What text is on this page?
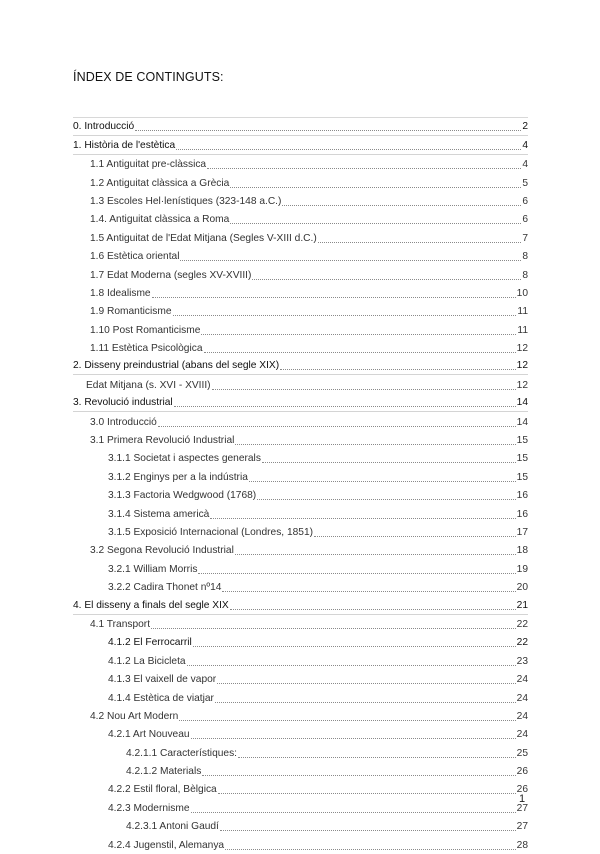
ÍNDEX DE CONTINGUTS:
0. Introducció	2
1. Història de l'estètica	4
1.1 Antiguitat pre-clàssica	4
1.2 Antiguitat clàssica a Grècia	5
1.3 Escoles Hel·lenístiques (323-148 a.C.)	6
1.4. Antiguitat clàssica a Roma	6
1.5 Antiguitat de l'Edat Mitjana (Segles V-XIII d.C.)	7
1.6 Estètica oriental	8
1.7 Edat Moderna (segles XV-XVIII)	8
1.8 Idealisme	10
1.9 Romanticisme	11
1.10 Post Romanticisme	11
1.11 Estètica Psicològica	12
2. Disseny preindustrial (abans del segle XIX)	12
Edat Mitjana (s. XVI - XVIII)	12
3. Revolució industrial	14
3.0 Introducció	14
3.1 Primera Revolució Industrial	15
3.1.1 Societat i aspectes generals	15
3.1.2 Enginys per a la indústria	15
3.1.3 Factoria Wedgwood (1768)	16
3.1.4 Sistema americà	16
3.1.5 Exposició Internacional (Londres, 1851)	17
3.2 Segona Revolució Industrial	18
3.2.1 William Morris	19
3.2.2 Cadira Thonet nº14	20
4. El disseny a finals del segle XIX	21
4.1 Transport	22
4.1.2 El Ferrocarril	22
4.1.2 La Bicicleta	23
4.1.3 El vaixell de vapor	24
4.1.4 Estètica de viatjar	24
4.2 Nou Art Modern	24
4.2.1 Art Nouveau	24
4.2.1.1 Característiques:	25
4.2.1.2 Materials	26
4.2.2 Estil floral, Bèlgica	26
4.2.3 Modernisme	27
4.2.3.1 Antoni Gaudí	27
4.2.4 Jugenstil, Alemanya	28
1
